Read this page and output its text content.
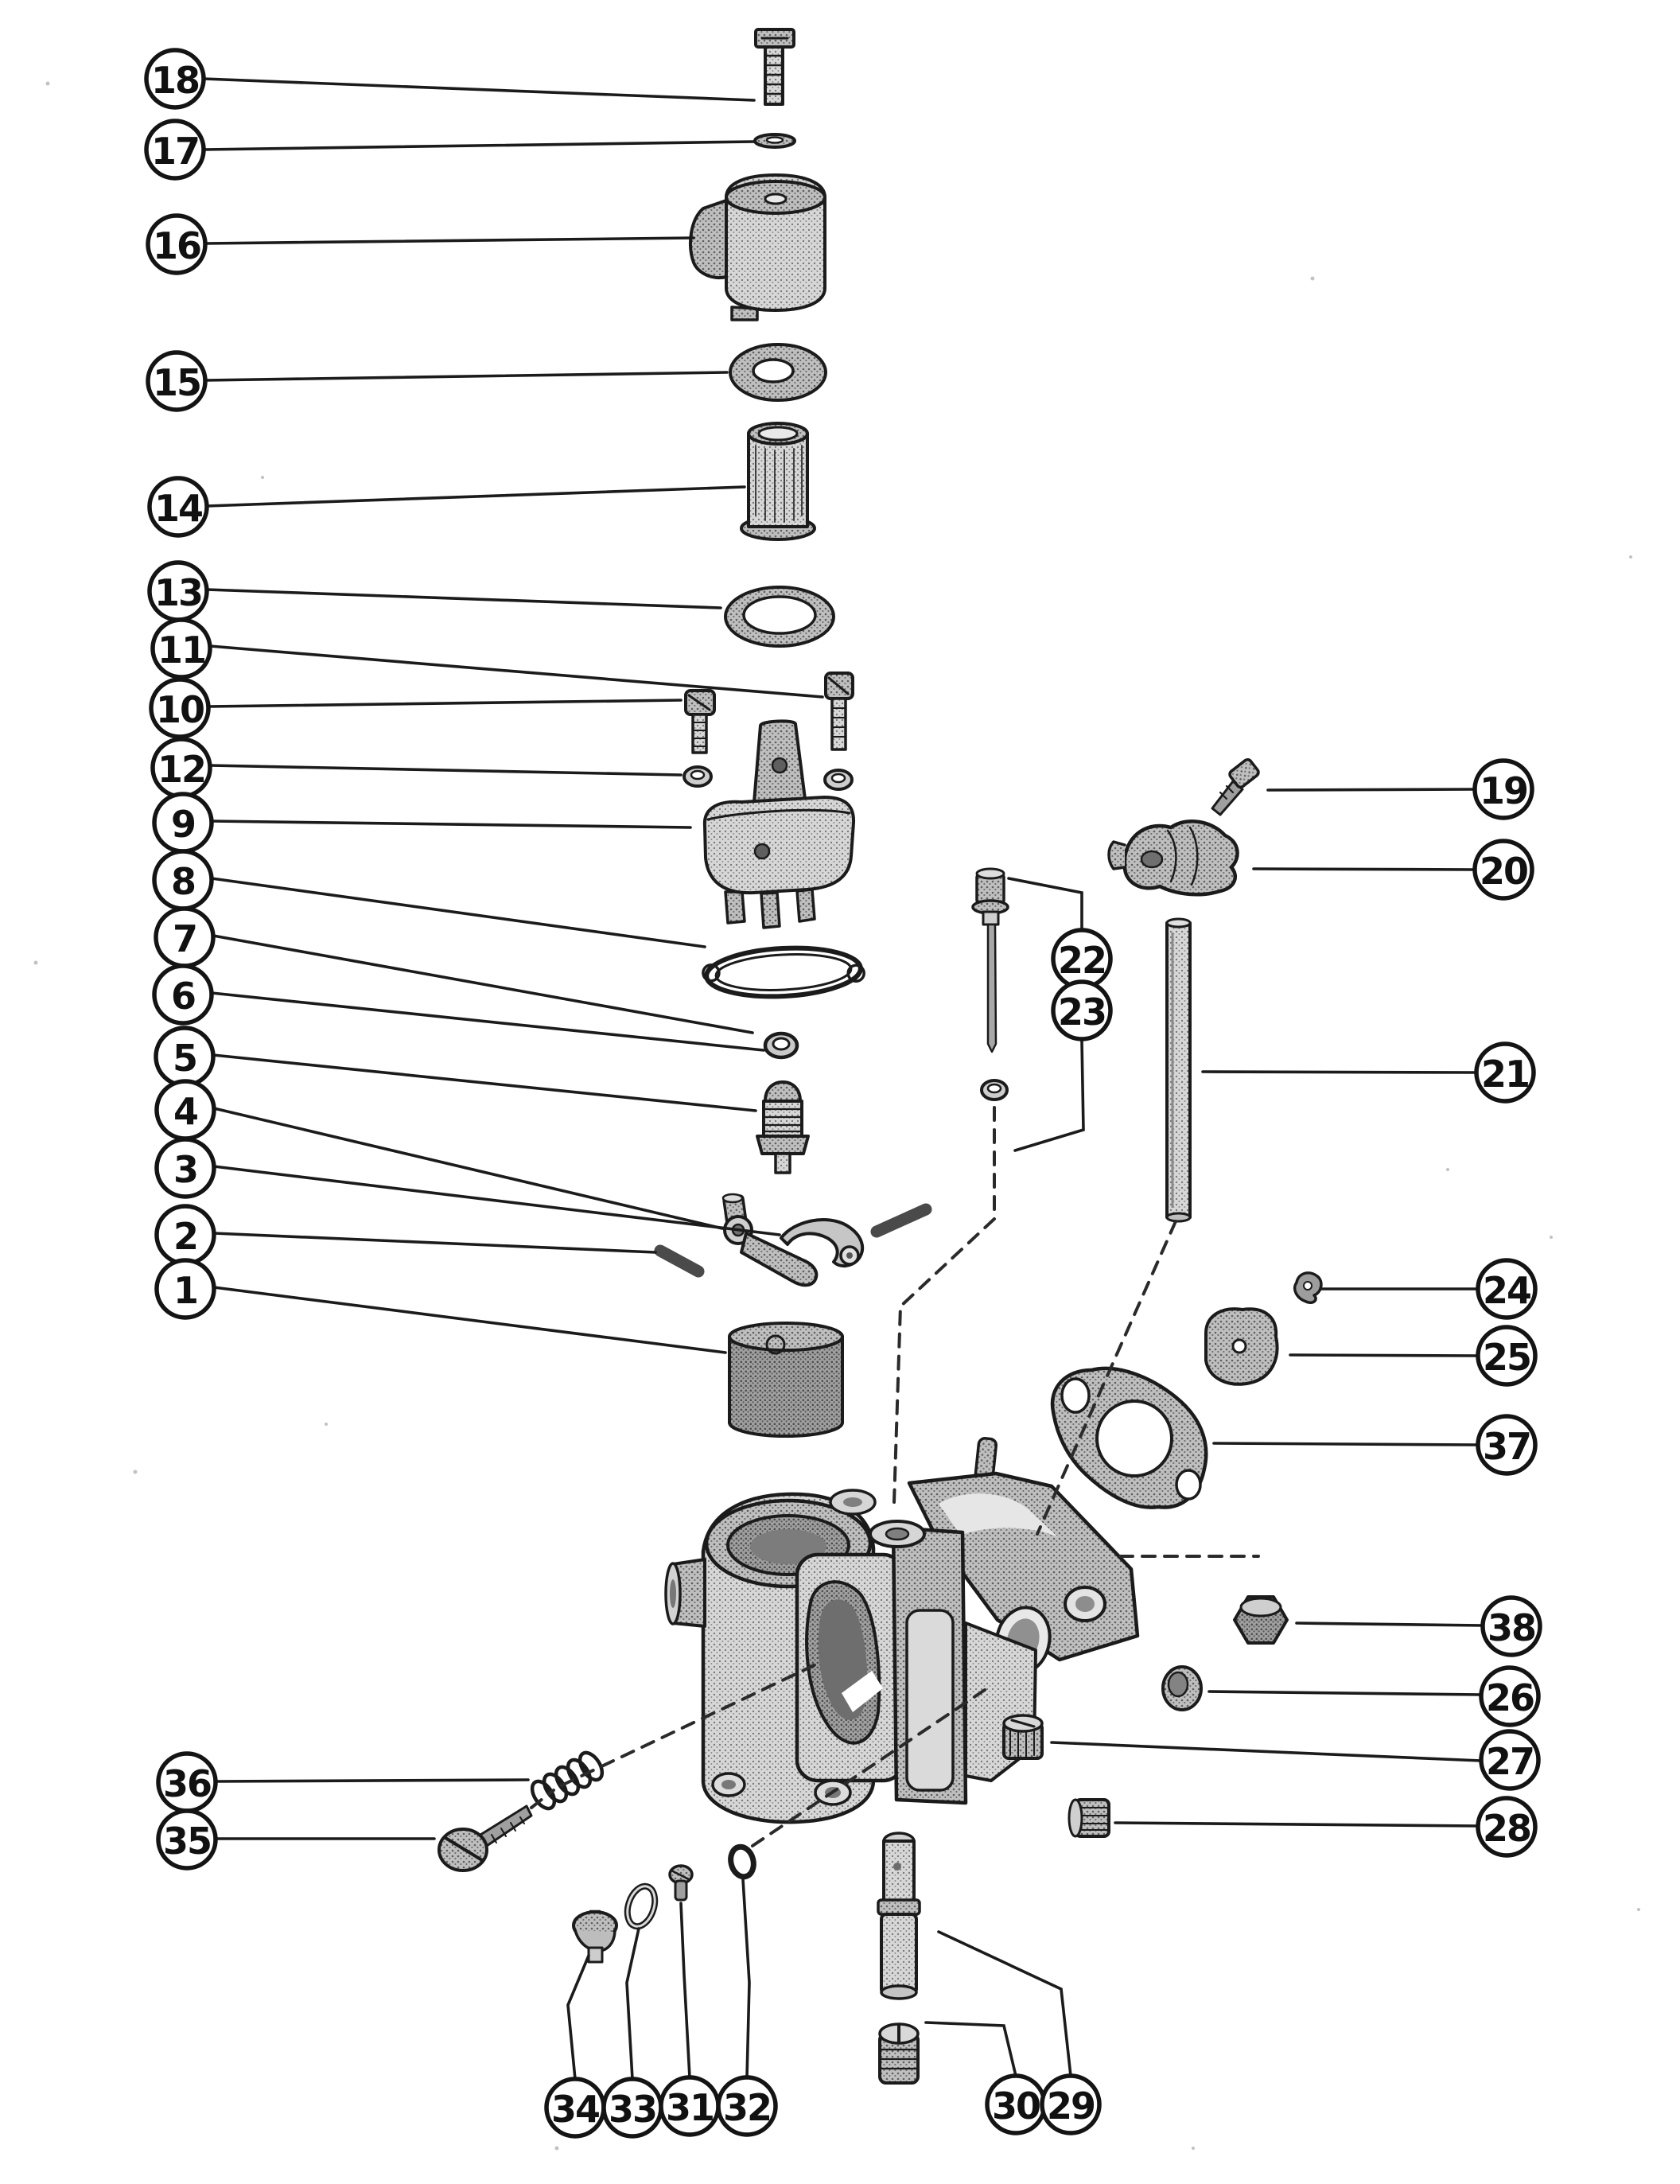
18
17
16
15
14
13
11
10
12
9
8
7
6
5
4
3
2
1
36
35
22
23
19
20
21
24
25
37
38
26
27
28
34 33 31 32	30 29
